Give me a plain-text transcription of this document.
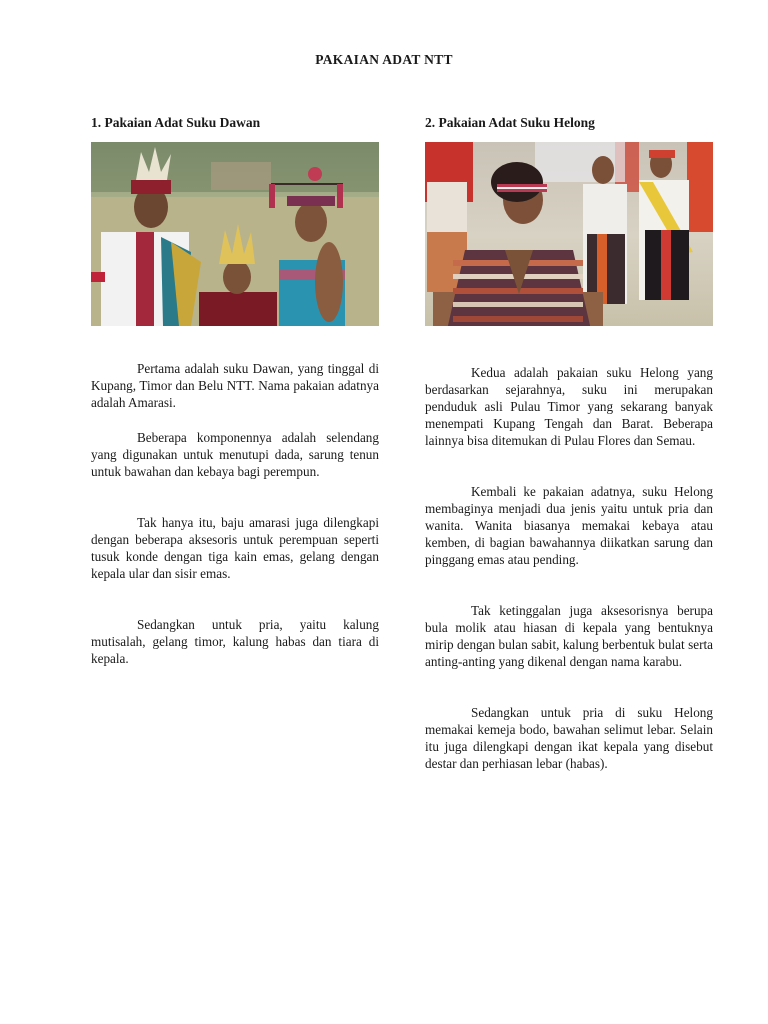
PAKAIAN ADAT NTT
1. Pakaian Adat Suku Dawan

Pertama adalah suku Dawan, yang tinggal di Kupang, Timor dan Belu NTT. Nama pakaian adatnya adalah Amarasi.

Beberapa komponennya adalah selendang yang digunakan untuk menutupi dada, sarung tenun untuk bawahan dan kebaya bagi perempun.

Tak hanya itu, baju amarasi juga dilengkapi dengan beberapa aksesoris untuk perempuan seperti tusuk konde dengan tiga kain emas, gelang dengan kepala ular dan sisir emas.

Sedangkan untuk pria, yaitu kalung mutisalah, gelang timor, kalung habas dan tiara di kepala.

2. Pakaian Adat Suku Helong

Kedua adalah pakaian suku Helong yang berdasarkan sejarahnya, suku ini merupakan penduduk asli Pulau Timor yang sekarang banyak menempati Kupang Tengah dan Barat. Beberapa lainnya bisa ditemukan di Pulau Flores dan Semau.

Kembali ke pakaian adatnya, suku Helong membaginya menjadi dua jenis yaitu untuk pria dan wanita. Wanita biasanya memakai kebaya atau kemben, di bagian bawahannya diikatkan sarung dan pinggang emas atau pending.

Tak ketinggalan juga aksesorisnya berupa bula molik atau hiasan di kepala yang bentuknya mirip dengan bulan sabit, kalung berbentuk bulat serta anting-anting yang dikenal dengan nama karabu.

Sedangkan untuk pria di suku Helong memakai kemeja bodo, bawahan selimut lebar. Selain itu juga dilengkapi dengan ikat kepala yang disebut destar dan perhiasan lebar (habas).
